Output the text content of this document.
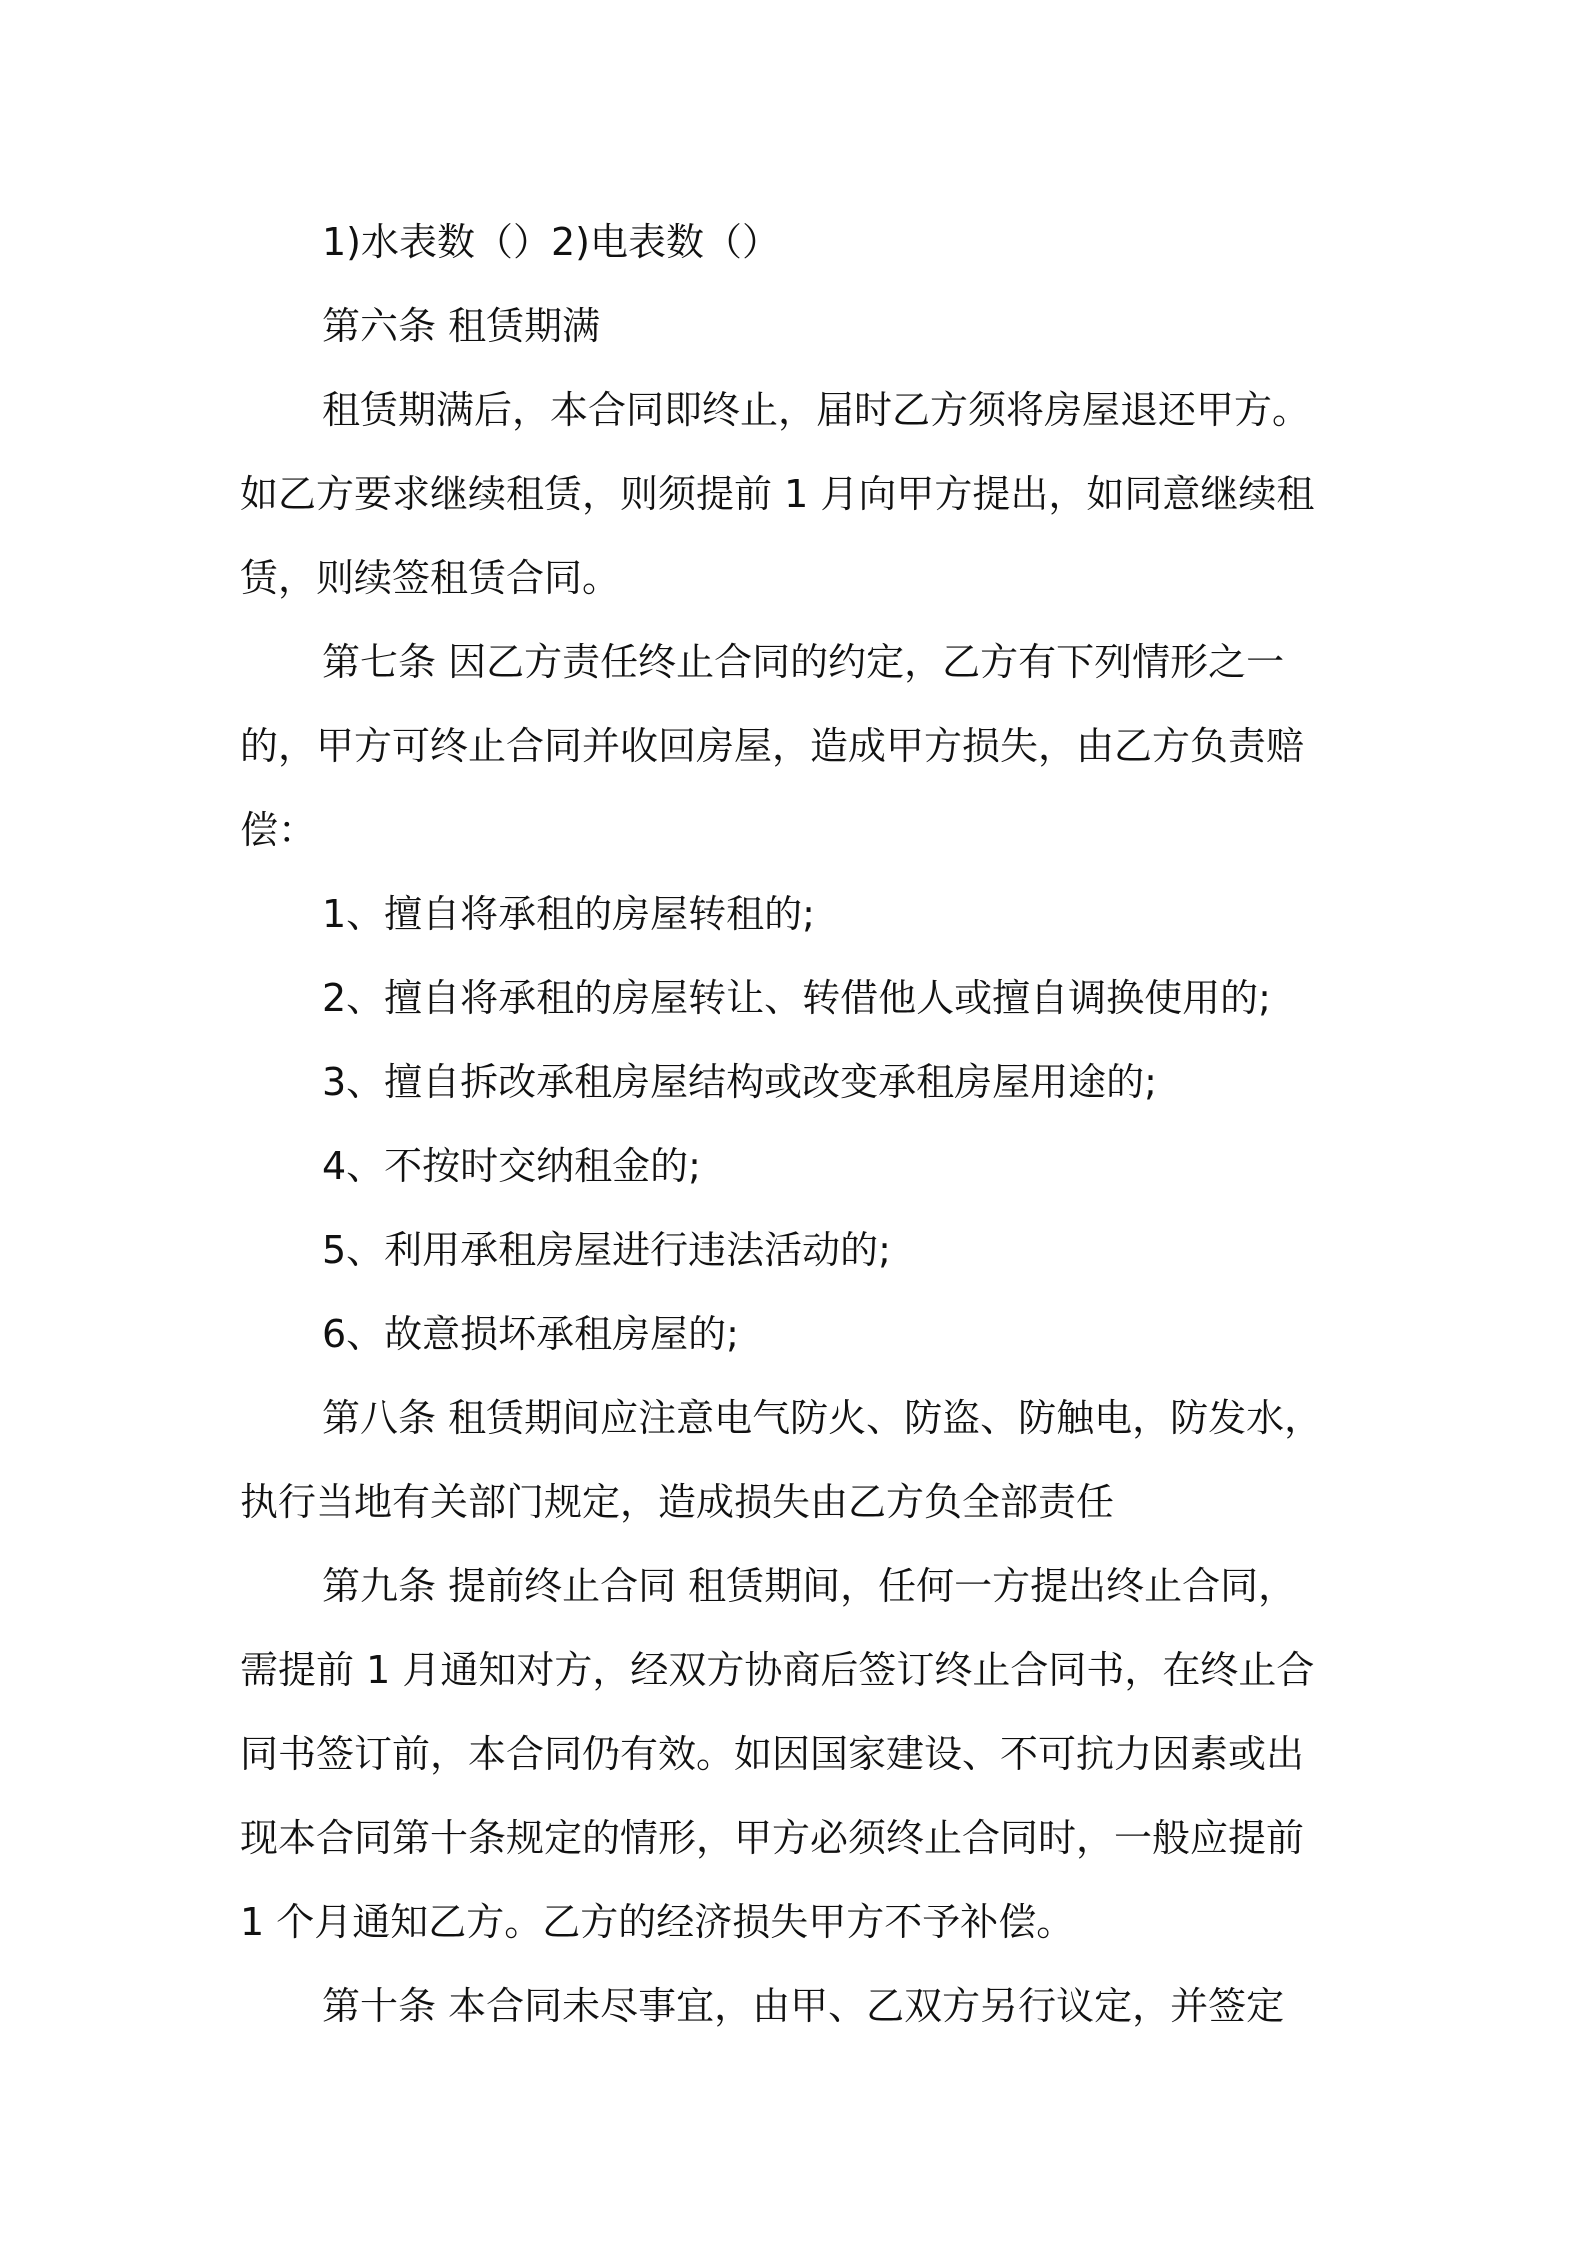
1)水表数（）2)电表数（）
第六条 租赁期满
租赁期满后，本合同即终止，届时乙方须将房屋退还甲方。
如乙方要求继续租赁，则须提前 1 月向甲方提出，如同意继续租
赁，则续签租赁合同。
第七条 因乙方责任终止合同的约定，乙方有下列情形之一
的，甲方可终止合同并收回房屋，造成甲方损失，由乙方负责赔
偿：
1、擅自将承租的房屋转租的;
2、擅自将承租的房屋转让、转借他人或擅自调换使用的;
3、擅自拆改承租房屋结构或改变承租房屋用途的;
4、不按时交纳租金的;
5、利用承租房屋进行违法活动的;
6、故意损坏承租房屋的;
第八条 租赁期间应注意电气防火、防盗、防触电，防发水，
执行当地有关部门规定，造成损失由乙方负全部责任
第九条 提前终止合同 租赁期间，任何一方提出终止合同，
需提前 1 月通知对方，经双方协商后签订终止合同书，在终止合
同书签订前，本合同仍有效。如因国家建设、不可抗力因素或出
现本合同第十条规定的情形，甲方必须终止合同时，一般应提前
1 个月通知乙方。乙方的经济损失甲方不予补偿。
第十条 本合同未尽事宜，由甲、乙双方另行议定，并签定
